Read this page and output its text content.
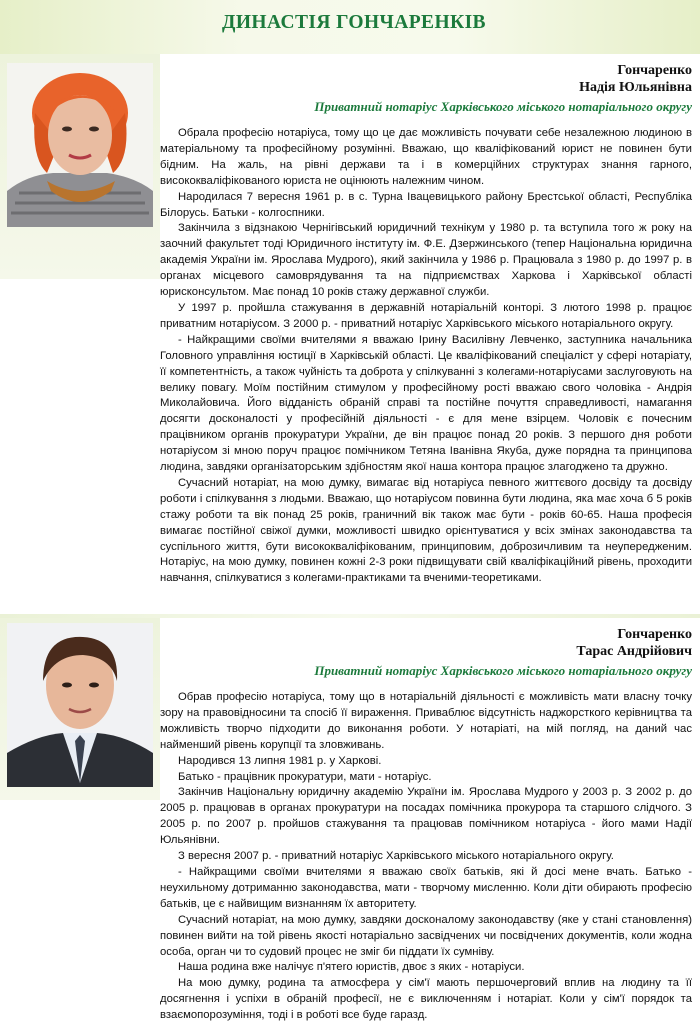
ДИНАСТІЯ ГОНЧАРЕНКІВ
Гончаренко
Надія Юльянівна
Приватний нотаріус Харківського міського нотаріального округу

Обрала професію нотаріуса, тому що це дає можливість почувати себе незалежною людиною в матеріальному та професійному розумінні. Вважаю, що кваліфікований юрист не повинен бути бідним. На жаль, на рівні держави та і в комерційних структурах знання гарного, висококваліфікованого юриста не оцінюють належним чином.

Народилася 7 вересня 1961 р. в с. Турна Івацевицького району Брестської області, Республіка Білорусь. Батьки - колгоспники.

Закінчила з відзнакою Чернігівський юридичний технікум у 1980 р. та вступила того ж року на заочний факультет тоді Юридичного інституту ім. Ф.Е. Дзержинського (тепер Національна юридична академія України ім. Ярослава Мудрого), який закінчила у 1986 р. Працювала з 1980 р. до 1997 р. в органах місцевого самоврядування та на підприємствах Харкова і Харківської області юрисконсультом. Має понад 10 років стажу державної служби.

У 1997 р. пройшла стажування в державній нотаріальній конторі. З лютого 1998 р. працює приватним нотаріусом. З 2000 р. - приватний нотаріус Харківського міського нотаріального округу.

- Найкращими своїми вчителями я вважаю Ірину Василівну Левченко, заступника начальника Головного управління юстиції в Харківській області. Це кваліфікований спеціаліст у сфері нотаріату, її компетентність, а також чуйність та доброта у спілкуванні з колегами-нотаріусами заслуговують на велику повагу. Моїм постійним стимулом у професійному рості вважаю свого чоловіка - Андрія Миколайовича. Його відданість обраній справі та постійне почуття справедливості, намагання досягти досконалості у професійній діяльності - є для мене взірцем. Чоловік є почесним працівником органів прокуратури України, де він працює понад 20 років. З першого дня роботи нотаріусом зі мною поруч працює помічником Тетяна Іванівна Якуба, дуже порядна та принципова людина, завдяки організаторським здібностям якої наша контора працює злагоджено та дружно.

Сучасний нотаріат, на мою думку, вимагає від нотаріуса певного життєвого досвіду та досвіду роботи і спілкування з людьми. Вважаю, що нотаріусом повинна бути людина, яка має хоча б 5 років стажу роботи та вік понад 25 років, граничний вік також має бути - років 60-65. Наша професія вимагає постійної свіжої думки, можливості швидко орієнтуватися у всіх змінах законодавства та суспільного життя, бути висококваліфікованим, принциповим, доброзичливим та неупередженим. Нотаріус, на мою думку, повинен кожні 2-3 роки підвищувати свій кваліфікаційний рівень, проходити навчання, спілкуватися з колегами-практиками та вченими-теоретиками.

Гончаренко
Тарас Андрійович
Приватний нотаріус Харківського міського нотаріального округу

Обрав професію нотаріуса, тому що в нотаріальній діяльності є можливість мати власну точку зору на правовідносини та спосіб її вираження. Приваблює відсутність наджорсткого керівництва та можливість творчо підходити до виконання роботи. У нотаріаті, на мій погляд, на даний час найменший рівень корупції та зловживань.

Народився 13 липня 1981 р. у Харкові.

Батько - працівник прокуратури, мати - нотаріус.

Закінчив Національну юридичну академію України ім. Ярослава Мудрого у 2003 р. З 2002 р. до 2005 р. працював в органах прокуратури на посадах помічника прокурора та старшого слідчого. З 2005 р. по 2007 р. пройшов стажування та працював помічником нотаріуса - його мами Надії Юльянівни.

З вересня 2007 р. - приватний нотаріус Харківського міського нотаріального округу.

- Найкращими своїми вчителями я вважаю своїх батьків, які й досі мене вчать. Батько - неухильному дотриманню законодавства, мати - творчому мисленню. Коли діти обирають професію батьків, це є найвищим визнанням їх авторитету.

Сучасний нотаріат, на мою думку, завдяки досконалому законодавству (яке у стані становлення) повинен вийти на той рівень якості нотаріально засвідчених чи посвідчених документів, коли жодна особа, орган чи то судовий процес не зміг би піддати їх сумніву.

Наша родина вже налічує п'ятero юристів, двоє з яких - нотаріуси.

На мою думку, родина та атмосфера у сім'ї мають першочерговий вплив на людину та її досягнення і успіхи в обраній професії, не є виключенням і нотаріат. Коли у сім'ї порядок та взаємопорозуміння, тоді і в роботі все буде гаразд.
